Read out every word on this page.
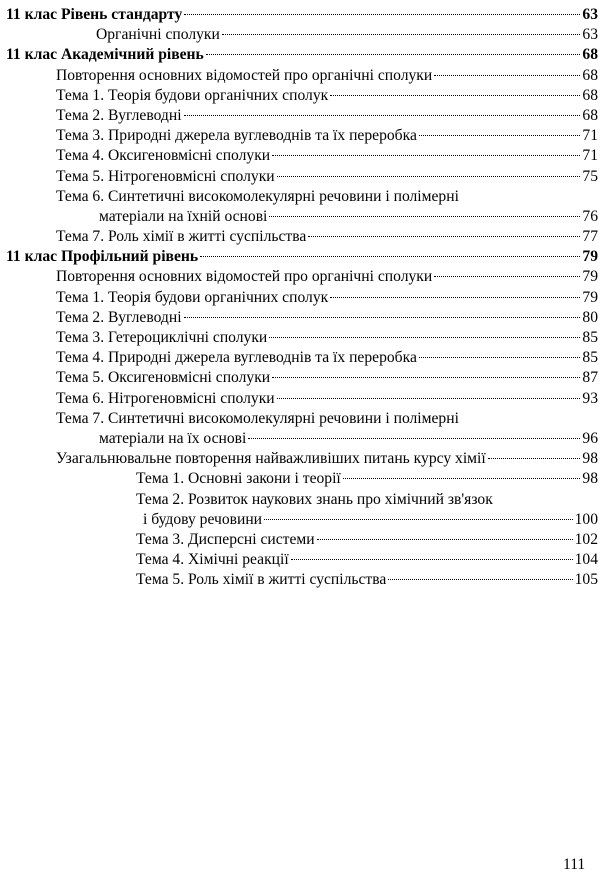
11 клас Рівень стандарту	63
Органічні сполуки	63
11 клас Академічний рівень	68
Повторення основних відомостей про органічні сполуки	68
Тема 1. Теорія будови органічних сполук	68
Тема 2. Вуглеводні	68
Тема 3. Природні джерела вуглеводнів та їх переробка	71
Тема 4. Оксигеновмісні сполуки	71
Тема 5. Нітрогеновмісні сполуки	75
Тема 6. Синтетичні високомолекулярні речовини і полімерні
матеріали на їхній основі	76
Тема 7. Роль хімії в житті суспільства	77
11 клас Профільний рівень	79
Повторення основних відомостей про органічні сполуки	79
Тема 1. Теорія будови органічних сполук	79
Тема 2. Вуглеводні	80
Тема 3. Гетероциклічні сполуки	85
Тема 4. Природні джерела вуглеводнів та їх переробка	85
Тема 5. Оксигеновмісні сполуки	87
Тема 6. Нітрогеновмісні сполуки	93
Тема 7. Синтетичні високомолекулярні речовини і полімерні
матеріали на їх основі	96
Узагальнювальне повторення найважливіших питань курсу хімії	98
Тема 1. Основні закони і теорії	98
Тема 2. Розвиток наукових знань про хімічний зв'язок
і будову речовини	100
Тема 3. Дисперсні системи	102
Тема 4. Хімічні реакції	104
Тема 5. Роль хімії в житті суспільства	105
111
